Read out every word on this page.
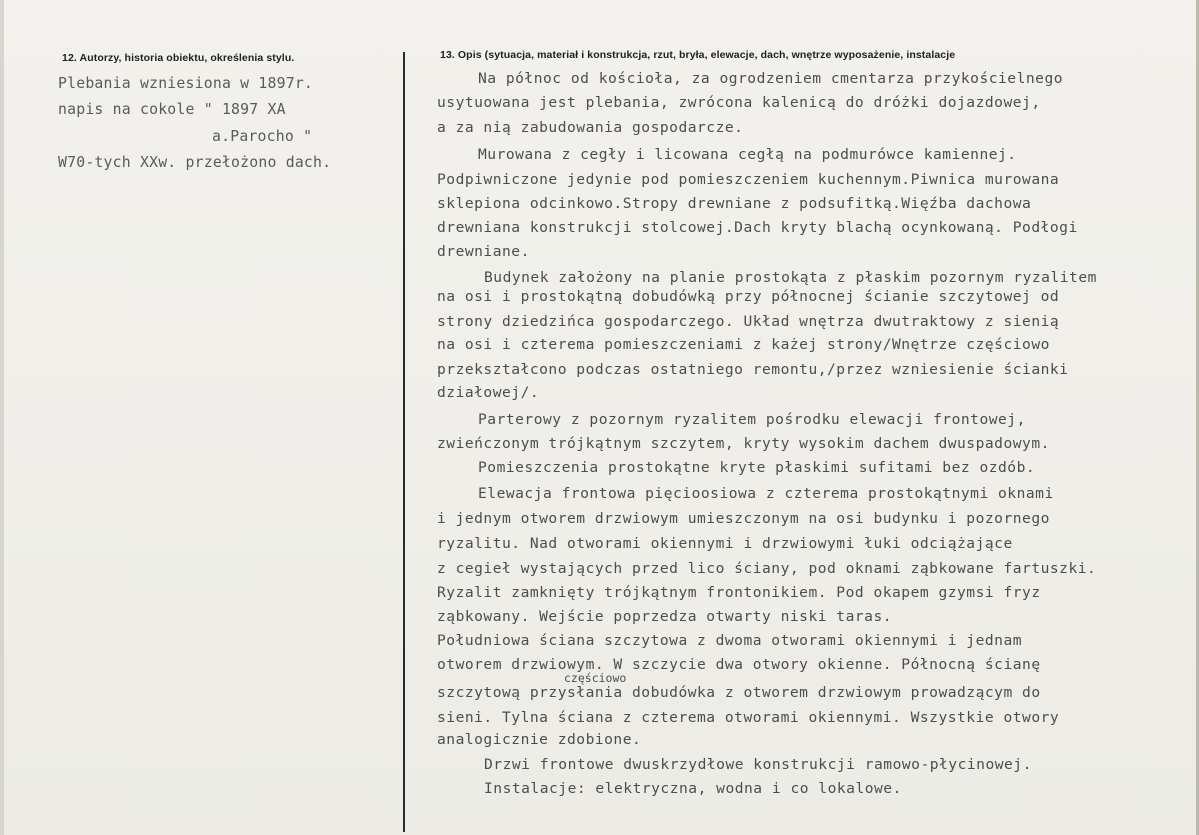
12. Autorzy, historia obiektu, określenia stylu.	13. Opis (sytuacja, materiał i konstrukcja, rzut, bryła, elewacje, dach, wnętrze wyposażenie, instalacje
Plebania wzniesiona w 1897r.
napis na cokole " 1897 XA
a.Parocho "
W70-tych XXw. przełożono dach.
Na północ od kościoła, za ogrodzeniem cmentarza przykościelnego
usytuowana jest plebania, zwrócona kalenicą do dróżki dojazdowej,
a za nią zabudowania gospodarcze.
Murowana z cegły i licowana cegłą na podmurówce kamiennej.
Podpiwniczone jedynie pod pomieszczeniem kuchennym.Piwnica murowana
sklepiona odcinkowo.Stropy drewniane z podsufitką.Więźba dachowa
drewniana konstrukcji stolcowej.Dach kryty blachą ocynkowaną. Podłogi
drewniane.
Budynek założony na planie prostokąta z płaskim pozornym ryzalitem
na osi i prostokątną dobudówką przy północnej ścianie szczytowej od
strony dziedzińca gospodarczego. Układ wnętrza dwutraktowy z sienią
na osi i czterema pomieszczeniami z każej strony/Wnętrze częściowo
przekształcono podczas ostatniego remontu,/przez wzniesienie ścianki
działowej/.
Parterowy z pozornym ryzalitem pośrodku elewacji frontowej,
zwieńczonym trójkątnym szczytem, kryty wysokim dachem dwuspadowym.
Pomieszczenia prostokątne kryte płaskimi sufitami bez ozdób.
Elewacja frontowa pięcioosiowa z czterema prostokątnymi oknami
i jednym otworem drzwiowym umieszczonym na osi budynku i pozornego
ryzalitu. Nad otworami okiennymi i drzwiowymi łuki odciążające
z cegieł wystających przed lico ściany, pod oknami ząbkowane fartuszki.
Ryzalit zamknięty trójkątnym frontonikiem. Pod okapem gzymsi fryz
ząbkowany. Wejście poprzedza otwarty niski taras.
Południowa ściana szczytowa z dwoma otworami okiennymi i jednam
otworem drzwiowym. W szczycie dwa otwory okienne. Północną ścianę
częściowo
szczytową przysłania dobudówka z otworem drzwiowym prowadzącym do
sieni. Tylna ściana z czterema otworami okiennymi. Wszystkie otwory
analogicznie zdobione.
Drzwi frontowe dwuskrzydłowe konstrukcji ramowo-płycinowej.
Instalacje: elektryczna, wodna i co lokalowe.
